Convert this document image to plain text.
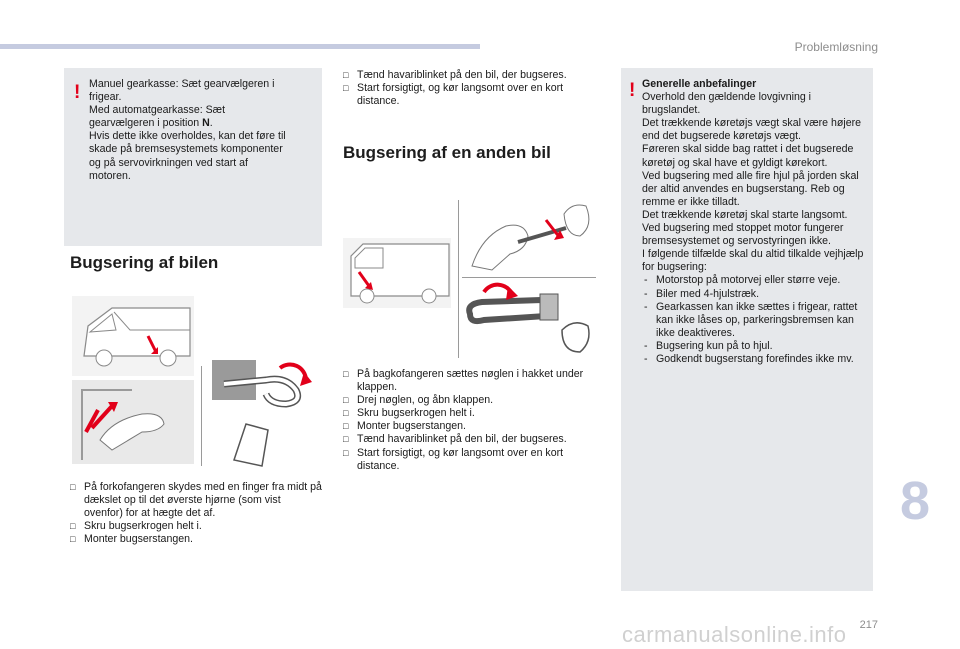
Problemløsning
! Manuel gearkasse: Sæt gearvælgeren i

frigear.

Med automatgearkasse: Sæt

gearvælgeren i position N.

Hvis dette ikke overholdes, kan det føre til

skade på bremsesystemets komponenter

og på servovirkningen ved start af

motoren.

Bugsering af bilen
□ På forkofangeren skydes med en finger fra midt på dækslet op til det øverste hjørne (som vist ovenfor) for at hægte det af.
□ Skru bugserkrogen helt i.
□ Monter bugserstangen.
□ Tænd havariblinket på den bil, der bugseres.
□ Start forsigtigt, og kør langsomt over en kort distance.
Bugsering af en anden bil
□ På bagkofangeren sættes nøglen i hakket under klappen.
□ Drej nøglen, og åbn klappen.
□ Skru bugserkrogen helt i.
□ Monter bugserstangen.
□ Tænd havariblinket på den bil, der bugseres.
□ Start forsigtigt, og kør langsomt over en kort distance.
! Generelle anbefalinger

Overhold den gældende lovgivning i brugslandet.

Det trækkende køretøjs vægt skal være højere end det bugserede køretøjs vægt.

Føreren skal sidde bag rattet i det bugserede køretøj og skal have et gyldigt kørekort.

Ved bugsering med alle fire hjul på jorden skal der altid anvendes en bugserstang. Reb og remme er ikke tilladt.

Det trækkende køretøj skal starte langsomt.

Ved bugsering med stoppet motor fungerer bremsesystemet og servostyringen ikke.

I følgende tilfælde skal du altid tilkalde vejhjælp for bugsering:

- Motorstop på motorvej eller større veje.
- Biler med 4-hjulstræk.
- Gearkassen kan ikke sættes i frigear, rattet kan ikke låses op, parkeringsbremsen kan ikke deaktiveres.
- Bugsering kun på to hjul.
- Godkendt bugserstang forefindes ikke mv.
8
217
carmanualsonline.info
